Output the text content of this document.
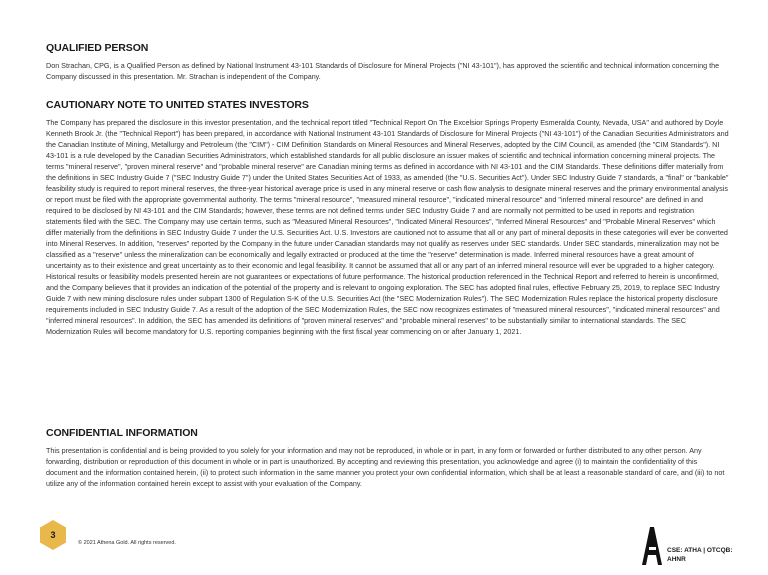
QUALIFIED PERSON

Don Strachan, CPG, is a Qualified Person as defined by National Instrument 43-101 Standards of Disclosure for Mineral Projects ("NI 43-101"), has approved the scientific and technical information concerning the Company discussed in this presentation. Mr. Strachan is independent of the Company.

CAUTIONARY NOTE TO UNITED STATES INVESTORS

The Company has prepared the disclosure in this investor presentation, and the technical report titled "Technical Report On The Excelsior Springs Property Esmeralda County, Nevada, USA" and authored by Doyle Kenneth Brook Jr. (the "Technical Report") has been prepared, in accordance with National Instrument 43-101 Standards of Disclosure for Mineral Projects ("NI 43-101") of the Canadian Securities Administrators and the Canadian Institute of Mining, Metallurgy and Petroleum (the "CIM") - CIM Definition Standards on Mineral Resources and Mineral Reserves, adopted by the CIM Council, as amended (the "CIM Standards"). NI 43-101 is a rule developed by the Canadian Securities Administrators, which established standards for all public disclosure an issuer makes of scientific and technical information concerning mineral projects. The terms "mineral reserve", "proven mineral reserve" and "probable mineral reserve" are Canadian mining terms as defined in accordance with NI 43-101 and the CIM Standards. These definitions differ materially from the definitions in SEC Industry Guide 7 ("SEC Industry Guide 7") under the United States Securities Act of 1933, as amended (the "U.S. Securities Act"). Under SEC Industry Guide 7 standards, a "final" or "bankable" feasibility study is required to report mineral reserves, the three-year historical average price is used in any mineral reserve or cash flow analysis to designate mineral reserves and the primary environmental analysis or report must be filed with the appropriate governmental authority. The terms "mineral resource", "measured mineral resource", "indicated mineral resource" and "inferred mineral resource" are defined in and required to be disclosed by NI 43-101 and the CIM Standards; however, these terms are not defined terms under SEC Industry Guide 7 and are normally not permitted to be used in reports and registration statements filed with the SEC. The Company may use certain terms, such as "Measured Mineral Resources", "Indicated Mineral Resources", "Inferred Mineral Resources" and "Probable Mineral Reserves" which differ materially from the definitions in SEC Industry Guide 7 under the U.S. Securities Act. U.S. Investors are cautioned not to assume that all or any part of mineral deposits in these categories will ever be converted into Mineral Reserves. In addition, "reserves" reported by the Company in the future under Canadian standards may not qualify as reserves under SEC standards. Under SEC standards, mineralization may not be classified as a "reserve" unless the mineralization can be economically and legally extracted or produced at the time the "reserve" determination is made. Inferred mineral resources have a great amount of uncertainty as to their existence and great uncertainty as to their economic and legal feasibility. It cannot be assumed that all or any part of an inferred mineral resource will ever be upgraded to a higher category. Historical results or feasibility models presented herein are not guarantees or expectations of future performance. The historical production referenced in the Technical Report and referred to herein is unconfirmed, and the Company believes that it provides an indication of the potential of the property and is relevant to ongoing exploration. The SEC has adopted final rules, effective February 25, 2019, to replace SEC Industry Guide 7 with new mining disclosure rules under subpart 1300 of Regulation S-K of the U.S. Securities Act (the "SEC Modernization Rules"). The SEC Modernization Rules replace the historical property disclosure requirements included in SEC Industry Guide 7. As a result of the adoption of the SEC Modernization Rules, the SEC now recognizes estimates of "measured mineral resources", "indicated mineral resources" and "inferred mineral resources". In addition, the SEC has amended its definitions of "proven mineral reserves" and "probable mineral reserves" to be substantially similar to international standards. The SEC Modernization Rules will become mandatory for U.S. reporting companies beginning with the first fiscal year commencing on or after January 1, 2021.

CONFIDENTIAL INFORMATION

This presentation is confidential and is being provided to you solely for your information and may not be reproduced, in whole or in part, in any form or forwarded or further distributed to any other person. Any forwarding, distribution or reproduction of this document in whole or in part is unauthorized. By accepting and reviewing this presentation, you acknowledge and agree (i) to maintain the confidentiality of this document and the information contained herein, (ii) to protect such information in the same manner you protect your own confidential information, which shall be at least a reasonable standard of care, and (iii) to not utilize any of the information contained herein except to assist with your evaluation of the Company.

3
© 2021 Athena Gold. All rights reserved.
CSE: ATHA | OTCQB: AHNR
